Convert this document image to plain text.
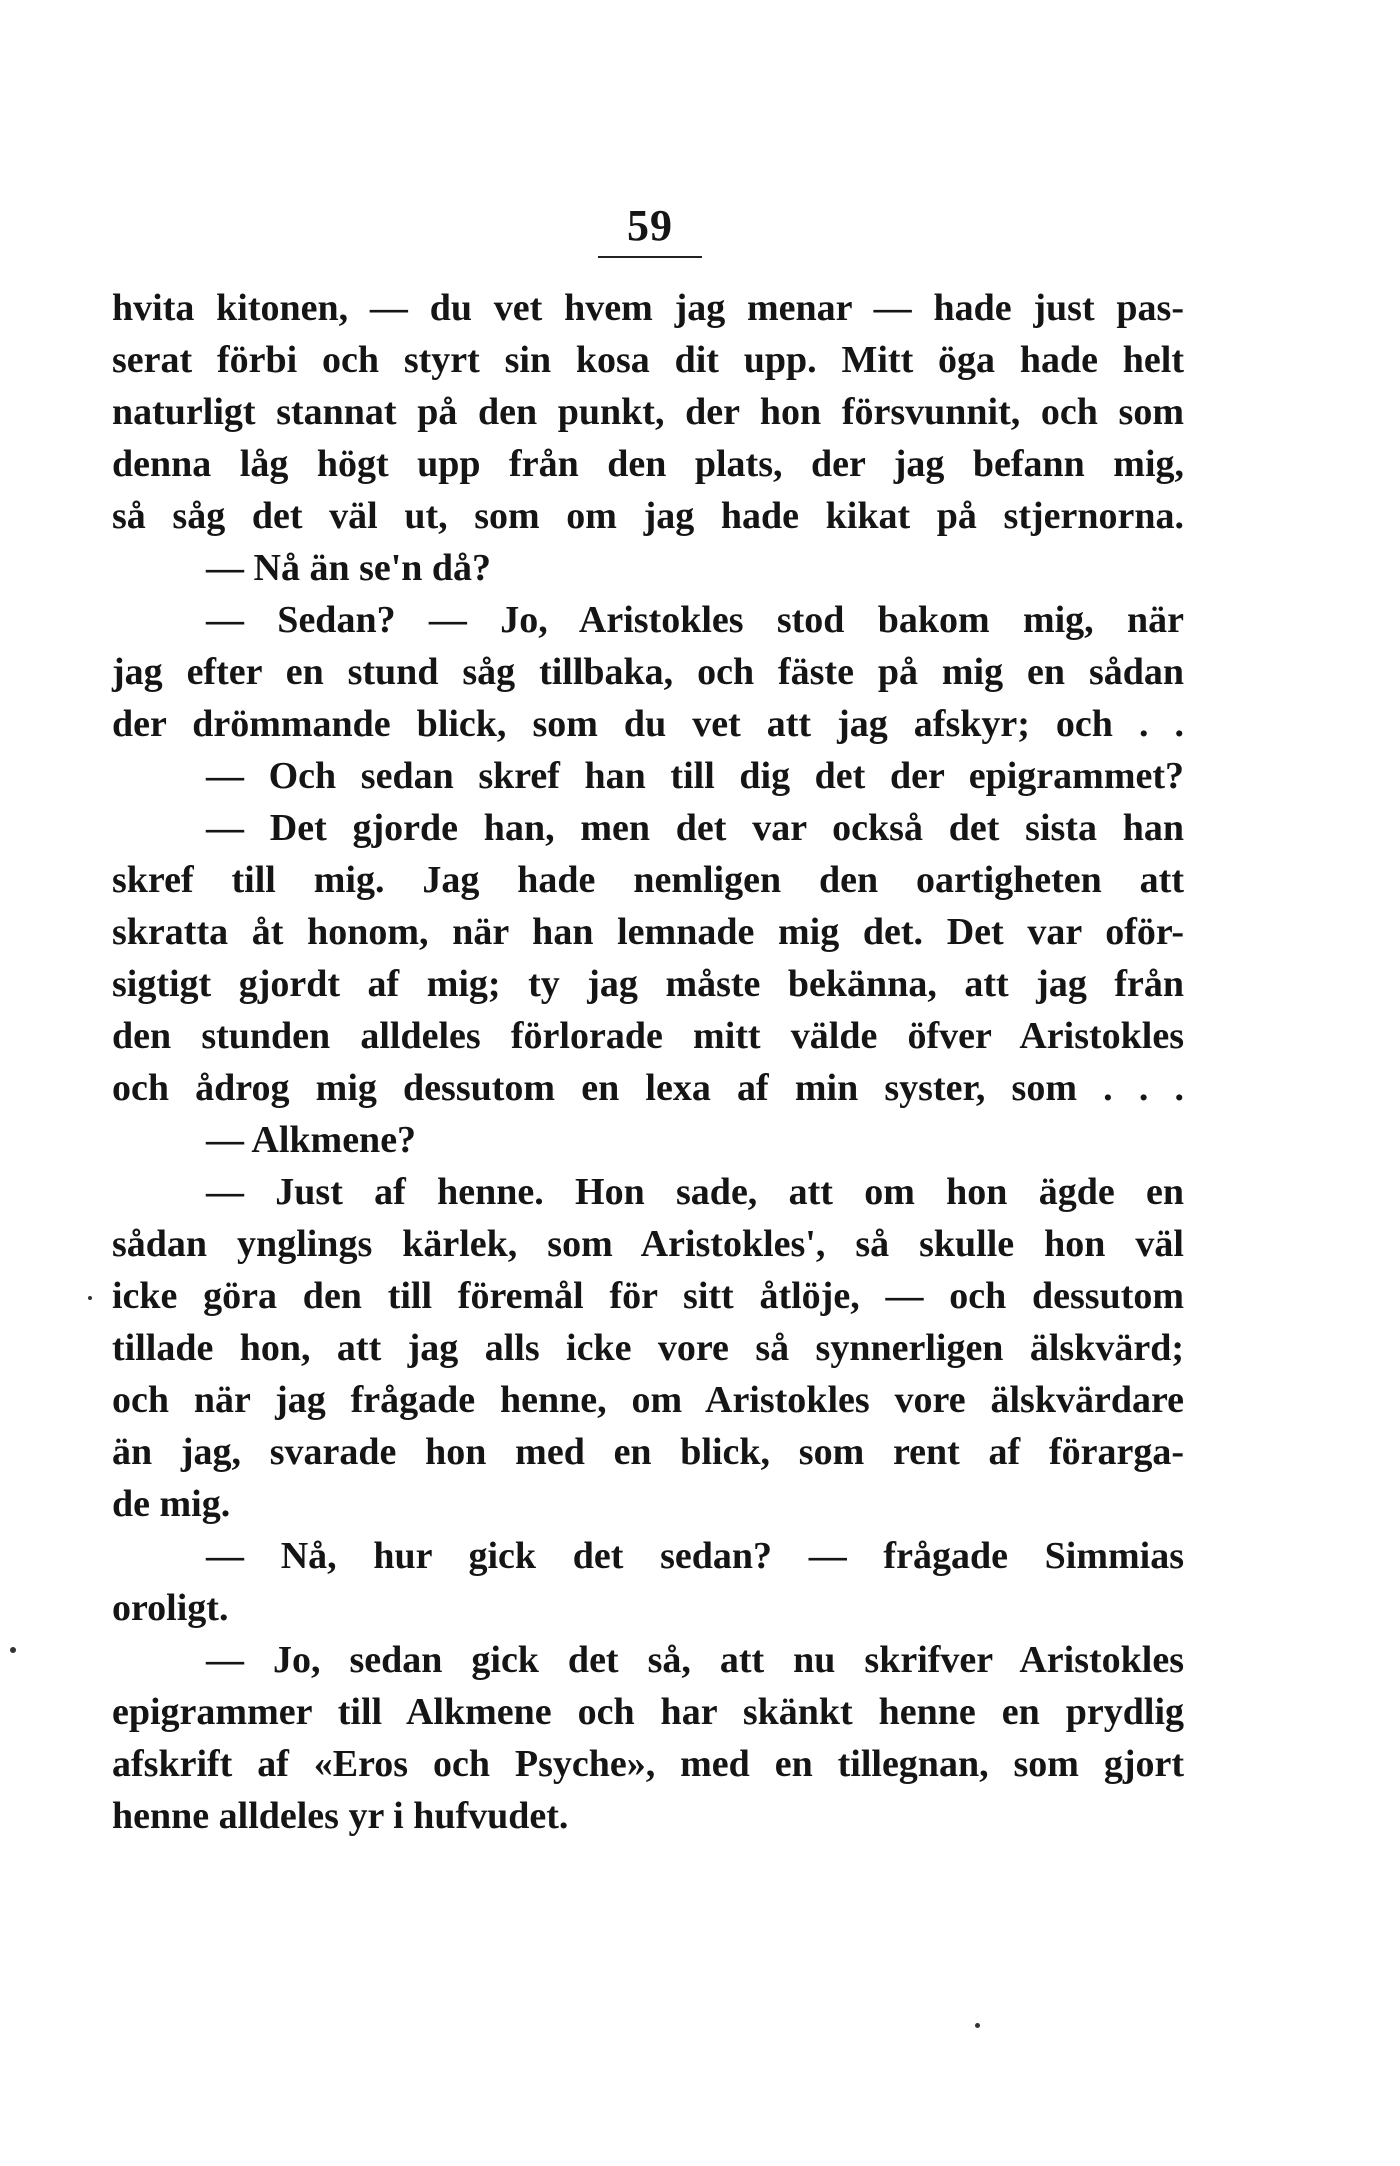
59
hvita kitonen, — du vet hvem jag menar — hade just pas-
serat förbi och styrt sin kosa dit upp. Mitt öga hade helt
naturligt stannat på den punkt, der hon försvunnit, och som
denna låg högt upp från den plats, der jag befann mig,
så såg det väl ut, som om jag hade kikat på stjernorna.
— Nå än se'n då?
— Sedan? — Jo, Aristokles stod bakom mig, när
jag efter en stund såg tillbaka, och fäste på mig en sådan
der drömmande blick, som du vet att jag afskyr; och . .
— Och sedan skref han till dig det der epigrammet?
— Det gjorde han, men det var också det sista han
skref till mig. Jag hade nemligen den oartigheten att
skratta åt honom, när han lemnade mig det. Det var oför-
sigtigt gjordt af mig; ty jag måste bekänna, att jag från
den stunden alldeles förlorade mitt välde öfver Aristokles
och ådrog mig dessutom en lexa af min syster, som . . .
— Alkmene?
— Just af henne. Hon sade, att om hon ägde en
sådan ynglings kärlek, som Aristokles', så skulle hon väl
icke göra den till föremål för sitt åtlöje, — och dessutom
tillade hon, att jag alls icke vore så synnerligen älskvärd;
och när jag frågade henne, om Aristokles vore älskvärdare
än jag, svarade hon med en blick, som rent af förarga-
de mig.
— Nå, hur gick det sedan? — frågade Simmias
oroligt.
— Jo, sedan gick det så, att nu skrifver Aristokles
epigrammer till Alkmene och har skänkt henne en prydlig
afskrift af «Eros och Psyche», med en tillegnan, som gjort
henne alldeles yr i hufvudet.
